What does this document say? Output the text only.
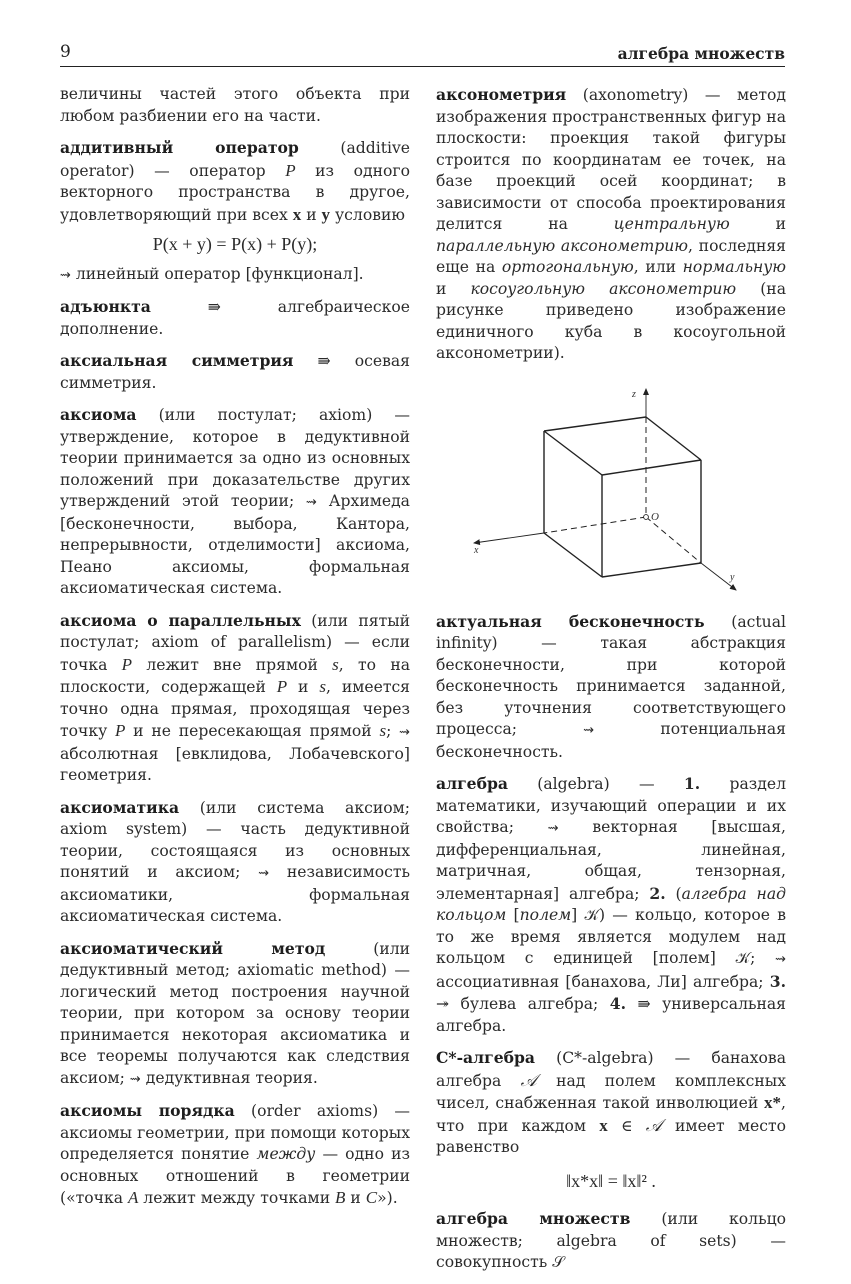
9	алгебра множеств

величины частей этого объекта при любом разбиении его на части.

аддитивный оператор (additive operator) — оператор P из одного векторного пространства в другое, удовлетворяющий при всех x и y условию
P(x + y) = P(x) + P(y);
⇝ линейный оператор [функционал].

адъюнкта ⇛ алгебраическое дополнение.

аксиальная симметрия ⇛ осевая симметрия.

аксиома (или постулат; axiom) — утверждение, которое в дедуктивной теории принимается за одно из основных положений при доказательстве других утверждений этой теории; ⇝ Архимеда [бесконечности, выбора, Кантора, непрерывности, отделимости] аксиома, Пеано аксиомы, формальная аксиоматическая система.

аксиома о параллельных (или пятый постулат; axiom of parallelism) — если точка P лежит вне прямой s, то на плоскости, содержащей P и s, имеется точно одна прямая, проходящая через точку P и не пересекающая прямой s; ⇝ абсолютная [евклидова, Лобачевского] геометрия.

аксиоматика (или система аксиом; axiom system) — часть дедуктивной теории, состоящаяся из основных понятий и аксиом; ⇝ независимость аксиоматики, формальная аксиоматическая система.

аксиоматический метод (или дедуктивный метод; axiomatic method) — логический метод построения научной теории, при котором за основу теории принимается некоторая аксиоматика и все теоремы получаются как следствия аксиом; ⇝ дедуктивная теория.

аксиомы порядка (order axioms) — аксиомы геометрии, при помощи которых определяется понятие между — одно из основных отношений в геометрии («точка A лежит между точками B и C»).

аксонометрия (axonometry) — метод изображения пространственных фигур на плоскости: проекция такой фигуры строится по координатам ее точек, на базе проекций осей координат; в зависимости от способа проектирования делится на центральную и параллельную аксонометрию, последняя еще на ортогональную, или нормальную и косоугольную аксонометрию (на рисунке приведено изображение единичного куба в косоугольной аксонометрии).

z
x
y
O

актуальная бесконечность (actual infinity) — такая абстракция бесконечности, при которой бесконечность принимается заданной, без уточнения соответствующего процесса; ⇝ потенциальная бесконечность.

алгебра (algebra) — 1. раздел математики, изучающий операции и их свойства; ⇝ векторная [высшая, дифференциальная, линейная, матричная, общая, тензорная, элементарная] алгебра; 2. (алгебра над кольцом [полем] 𝒦) — кольцо, которое в то же время является модулем над кольцом с единицей [полем] 𝒦; ⇝ ассоциативная [банахова, Ли] алгебра; 3. ↠ булева алгебра; 4. ⇛ универсальная алгебра.

C*-алгебра (C*-algebra) — банахова алгебра 𝒜 над полем комплексных чисел, снабженная такой инволюцией x*, что при каждом x ∈ 𝒜 имеет место равенство
‖x*x‖ = ‖x‖² .

алгебра множеств (или кольцо множеств; algebra of sets) — совокупность 𝒮
